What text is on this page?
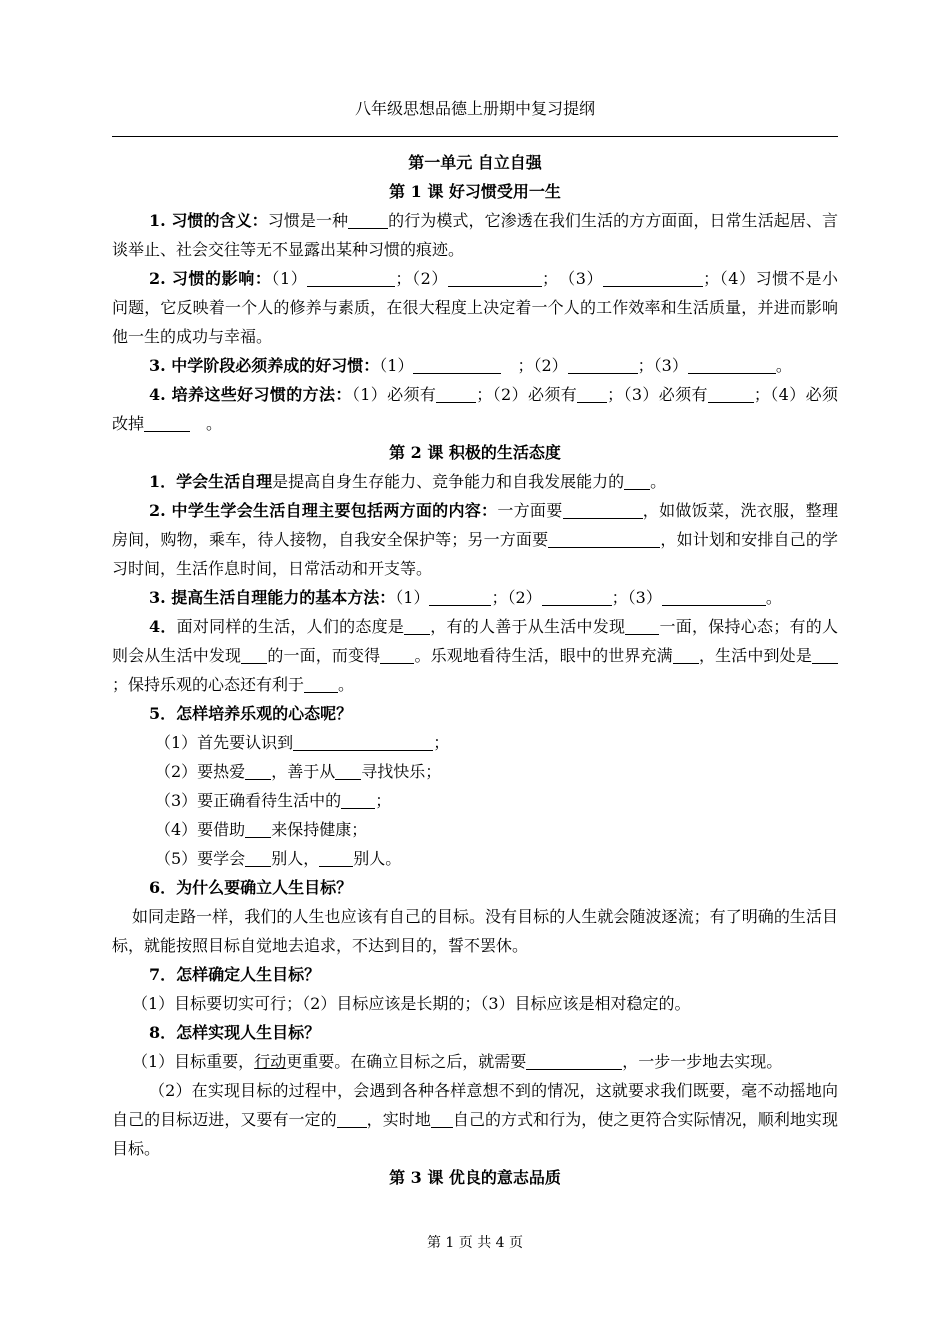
八年级思想品德上册期中复习提纲
第一单元 自立自强
第 1 课 好习惯受用一生

1. 习惯的含义：习惯是一种	的行为模式，它渗透在我们生活的方方面面，日常生活起居、言谈举止、社会交往等无不显露出某种习惯的痕迹。

2. 习惯的影响：（1）	；（2）	；　（3）	；（4）习惯不是小问题，它反映着一个人的修养与素质，在很大程度上决定着一个人的工作效率和生活质量，并进而影响他一生的成功与幸福。

3. 中学阶段必须养成的好习惯：（1）	　；（2）	；（3）	。

4. 培养这些好习惯的方法：（1）必须有	；（2）必须有 ；（3）必须有	；（4）必须改掉	　。

第 2 课 积极的生活态度

1．学会生活自理是提高自身生存能力、竞争能力和自我发展能力的 。

2. 中学生学会生活自理主要包括两方面的内容：一方面要	，如做饭菜，洗衣服，整理房间，购物，乘车，待人接物，自我安全保护等；另一方面要	，如计划和安排自己的学习时间，生活作息时间，日常活动和开支等。

3. 提高生活自理能力的基本方法：（1）	；（2）	；（3）	。

4．面对同样的生活，人们的态度是 ，有的人善于从生活中发现 一面，保持心态；有的人则会从生活中发现 的一面，而变得 。乐观地看待生活，眼中的世界充满 ，生活中到处是；保持乐观的心态还有利于 。

5．怎样培养乐观的心态呢？

（1）首先要认识到	；

（2）要热爱 ，善于从 寻找快乐；

（3）要正确看待生活中的 ；

（4）要借助 来保持健康；

（5）要学会 别人， 别人。

6．为什么要确立人生目标？

如同走路一样，我们的人生也应该有自己的目标。没有目标的人生就会随波逐流；有了明确的生活目标，就能按照目标自觉地去追求，不达到目的，誓不罢休。

7．怎样确定人生目标？

（1）目标要切实可行；（2）目标应该是长期的；（3）目标应该是相对稳定的。

8．怎样实现人生目标？

（1）目标重要，行动更重要。在确立目标之后，就需要	，一步一步地去实现。

（2）在实现目标的过程中，会遇到各种各样意想不到的情况，这就要求我们既要，毫不动摇地向自己的目标迈进，又要有一定的 ，实时地 自己的方式和行为，使之更符合实际情况，顺利地实现目标。

第 3 课 优良的意志品质
第 1 页 共 4 页
